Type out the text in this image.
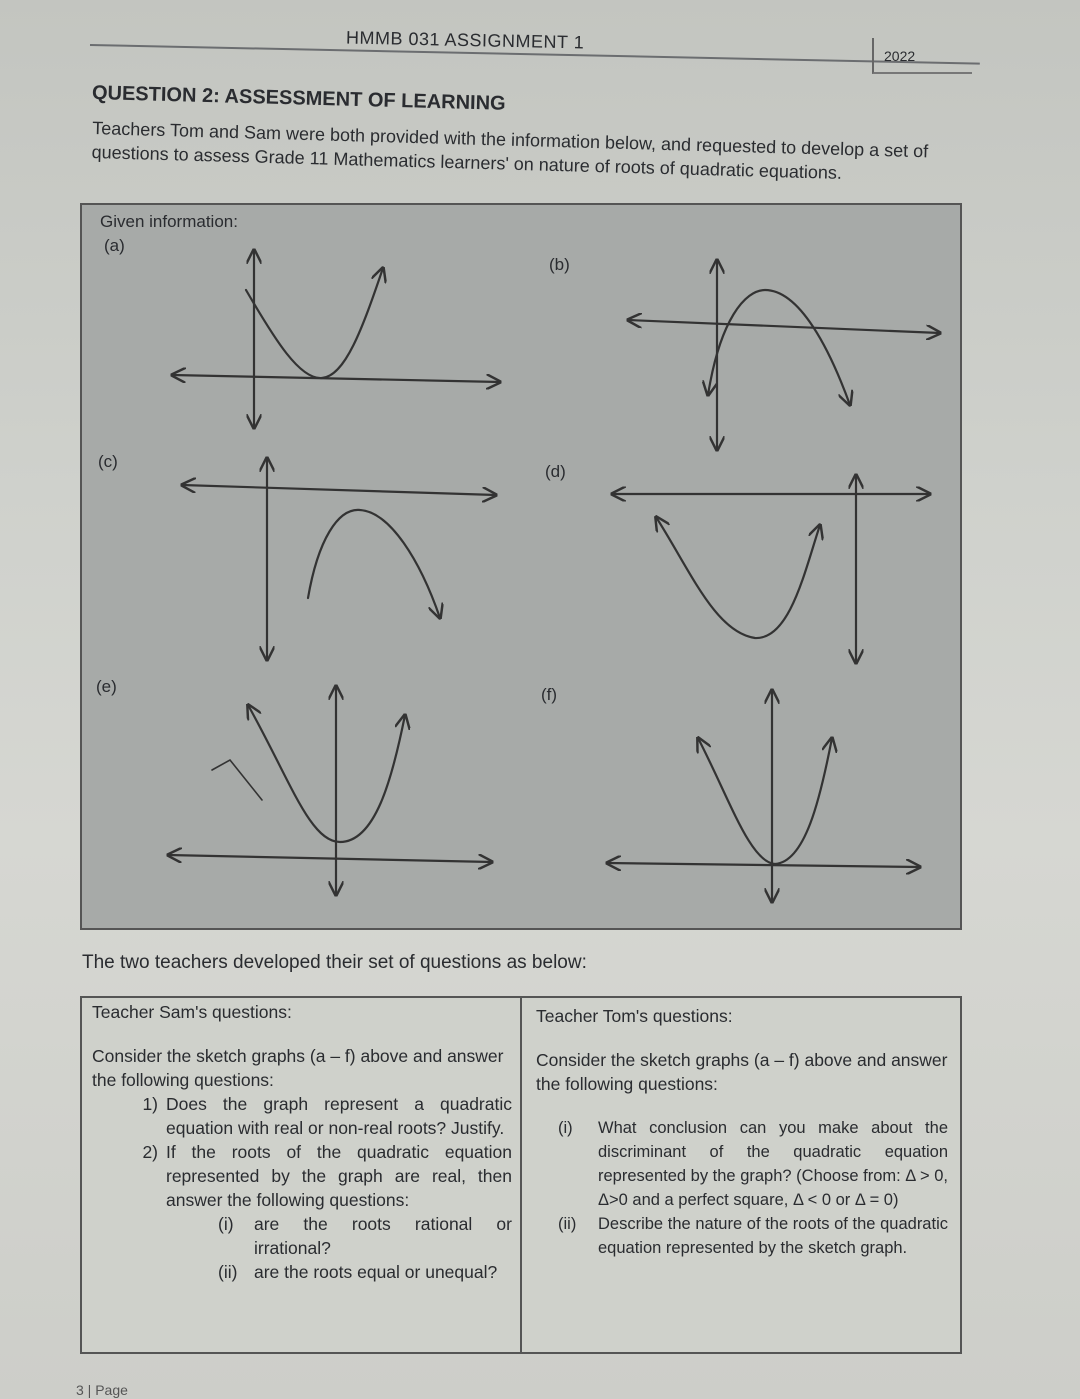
HMMB 031 ASSIGNMENT 1
2022
QUESTION 2: ASSESSMENT OF LEARNING
Teachers Tom and Sam were both provided with the information below, and requested to develop a set of questions to assess Grade 11 Mathematics learners' on nature of roots of quadratic equations.
Given information:
(a)
(b)
(c)
(d)
(e)	(f)
The two teachers developed their set of questions as below:
Teacher Sam's questions:
Consider the sketch graphs (a – f) above and answer the following questions:
1) Does the graph represent a quadratic equation with real or non-real roots? Justify.
2) If the roots of the quadratic equation represented by the graph are real, then answer the following questions:
(i)	are the roots rational or irrational?
(ii) are the roots equal or unequal?
Teacher Tom's questions:
Consider the sketch graphs (a – f) above and answer the following questions:
(i)	What conclusion can you make about the discriminant of the quadratic equation represented by the graph? (Choose from: Δ > 0, Δ>0 and a perfect square, Δ < 0 or Δ = 0)
(ii)	Describe the nature of the roots of the quadratic equation represented by the sketch graph.
3 | Page
